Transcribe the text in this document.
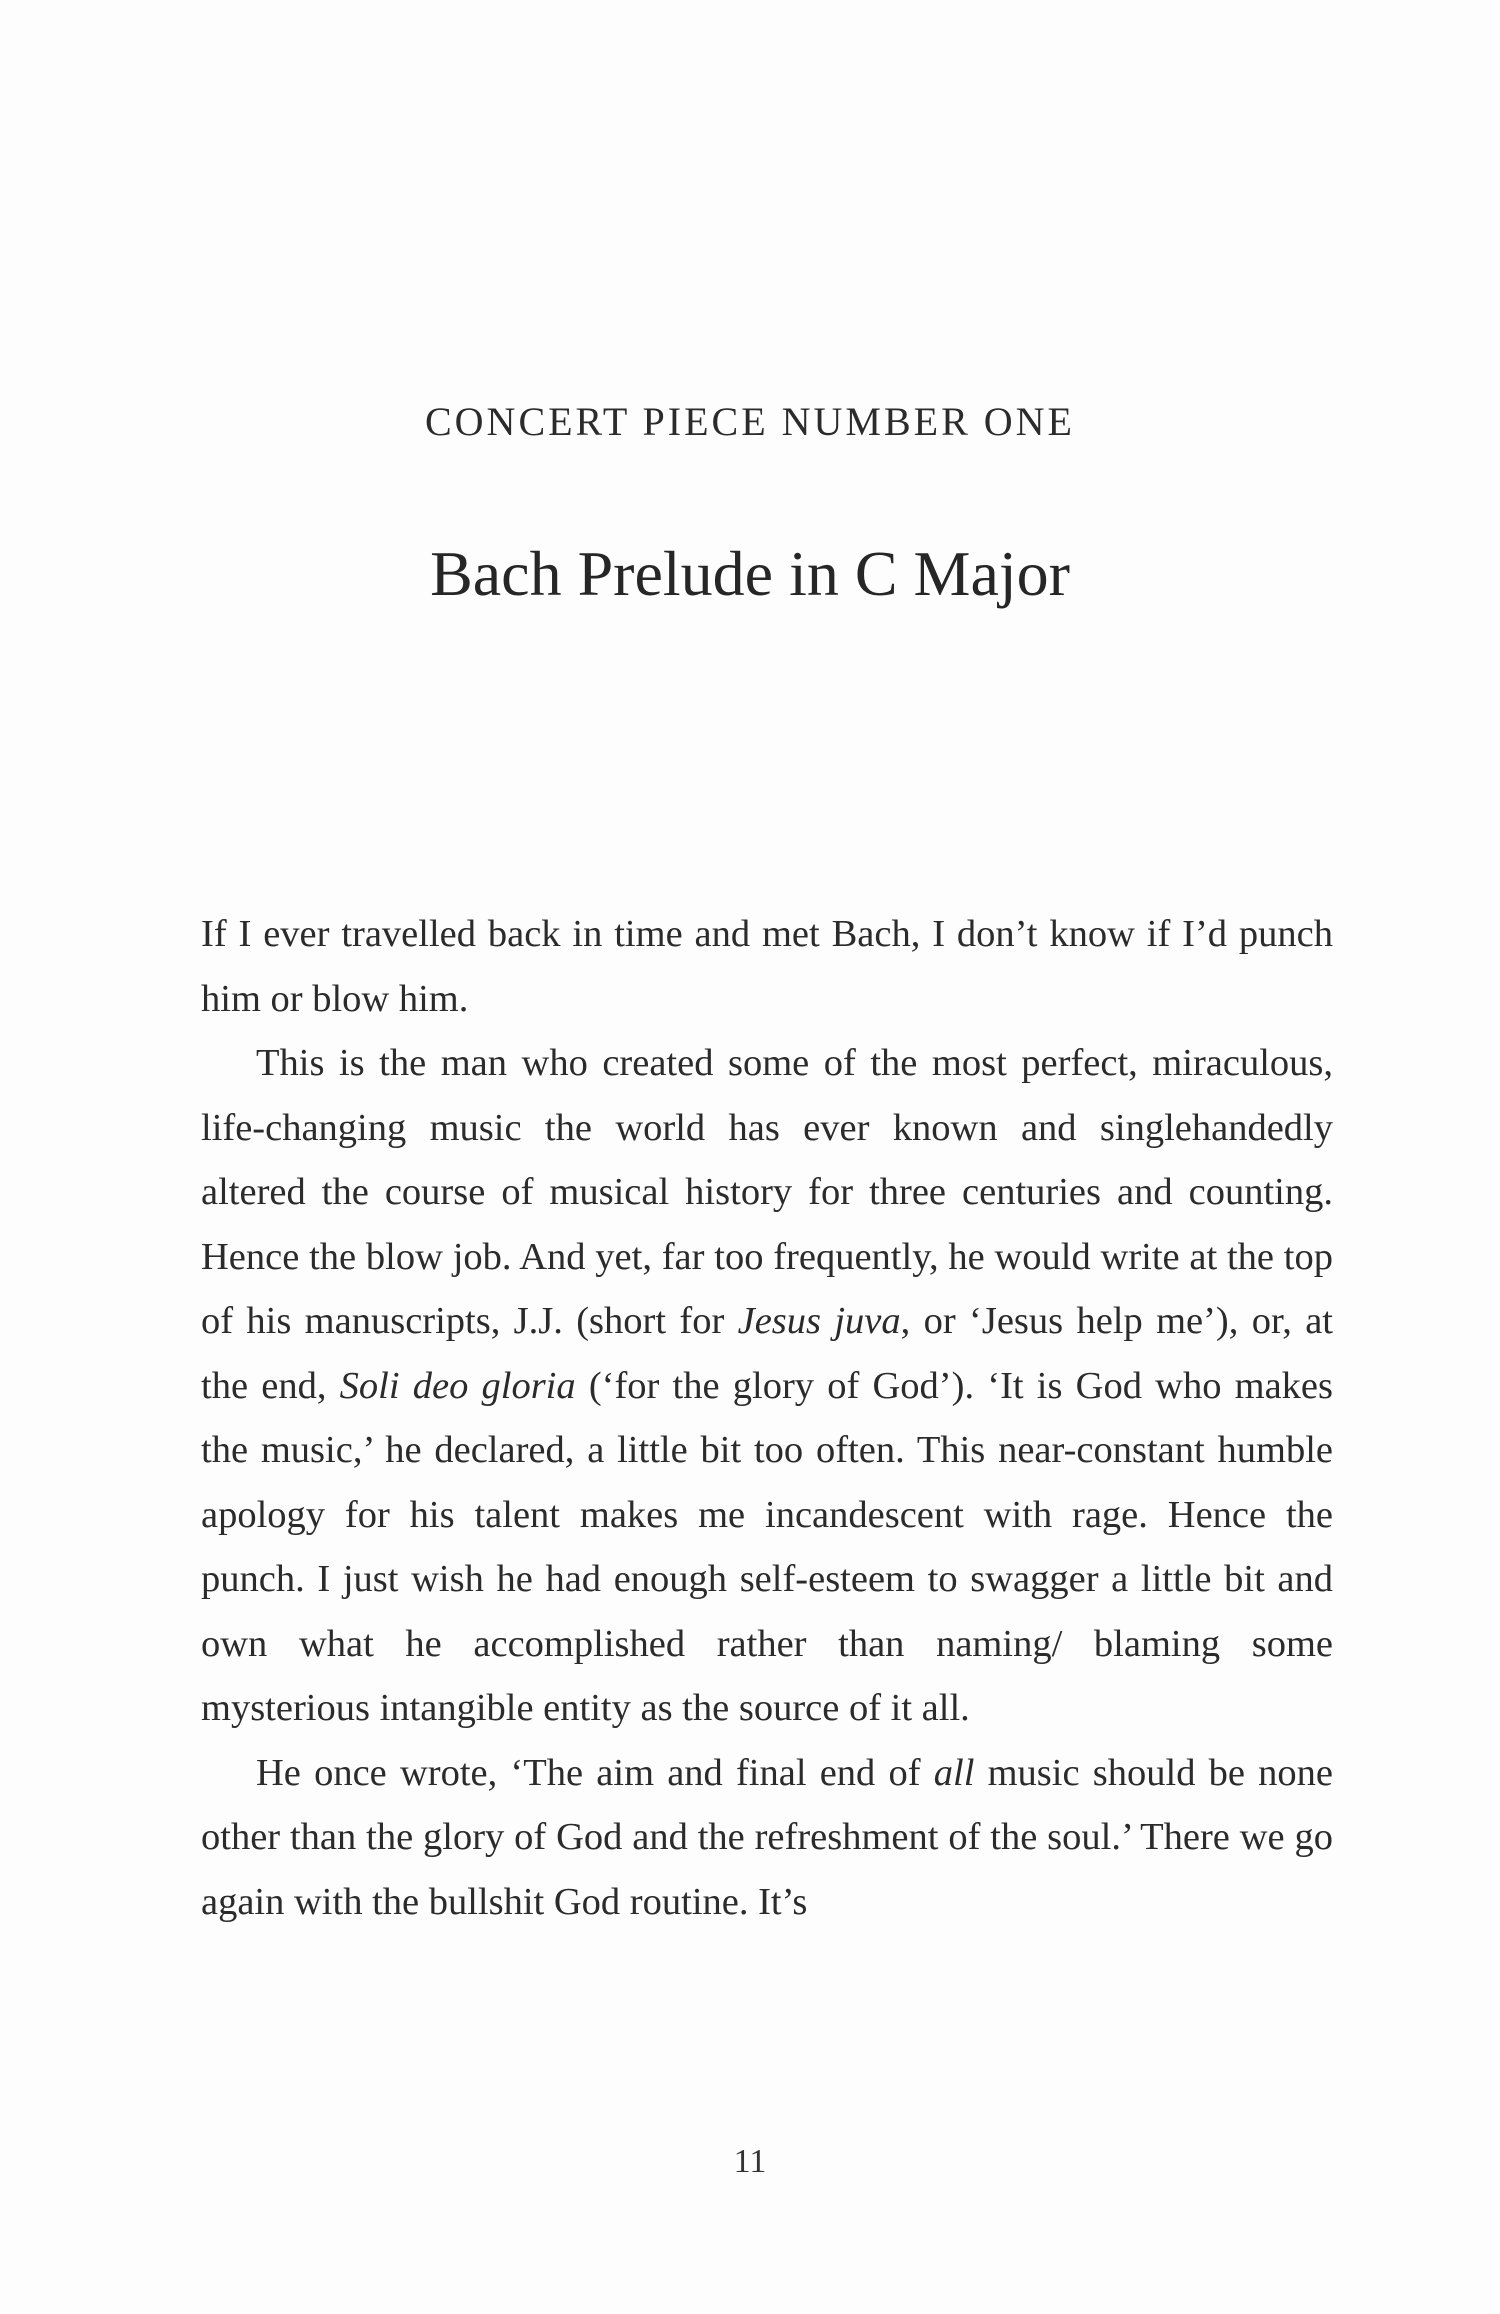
CONCERT PIECE NUMBER ONE
Bach Prelude in C Major

If I ever travelled back in time and met Bach, I don’t know if I’d punch him or blow him.

This is the man who created some of the most perfect, miraculous, life-changing music the world has ever known and singlehandedly altered the course of musical history for three centuries and counting. Hence the blow job. And yet, far too frequently, he would write at the top of his manuscripts, J.J. (short for Jesus juva, or ‘Jesus help me’), or, at the end, Soli deo gloria (‘for the glory of God’). ‘It is God who makes the music,’ he declared, a little bit too often. This near-constant humble apology for his talent makes me incandescent with rage. Hence the punch. I just wish he had enough self-esteem to swagger a little bit and own what he accomplished rather than naming/ blaming some mysterious intangible entity as the source of it all.

He once wrote, ‘The aim and final end of all music should be none other than the glory of God and the refreshment of the soul.’ There we go again with the bullshit God routine. It’s

11
